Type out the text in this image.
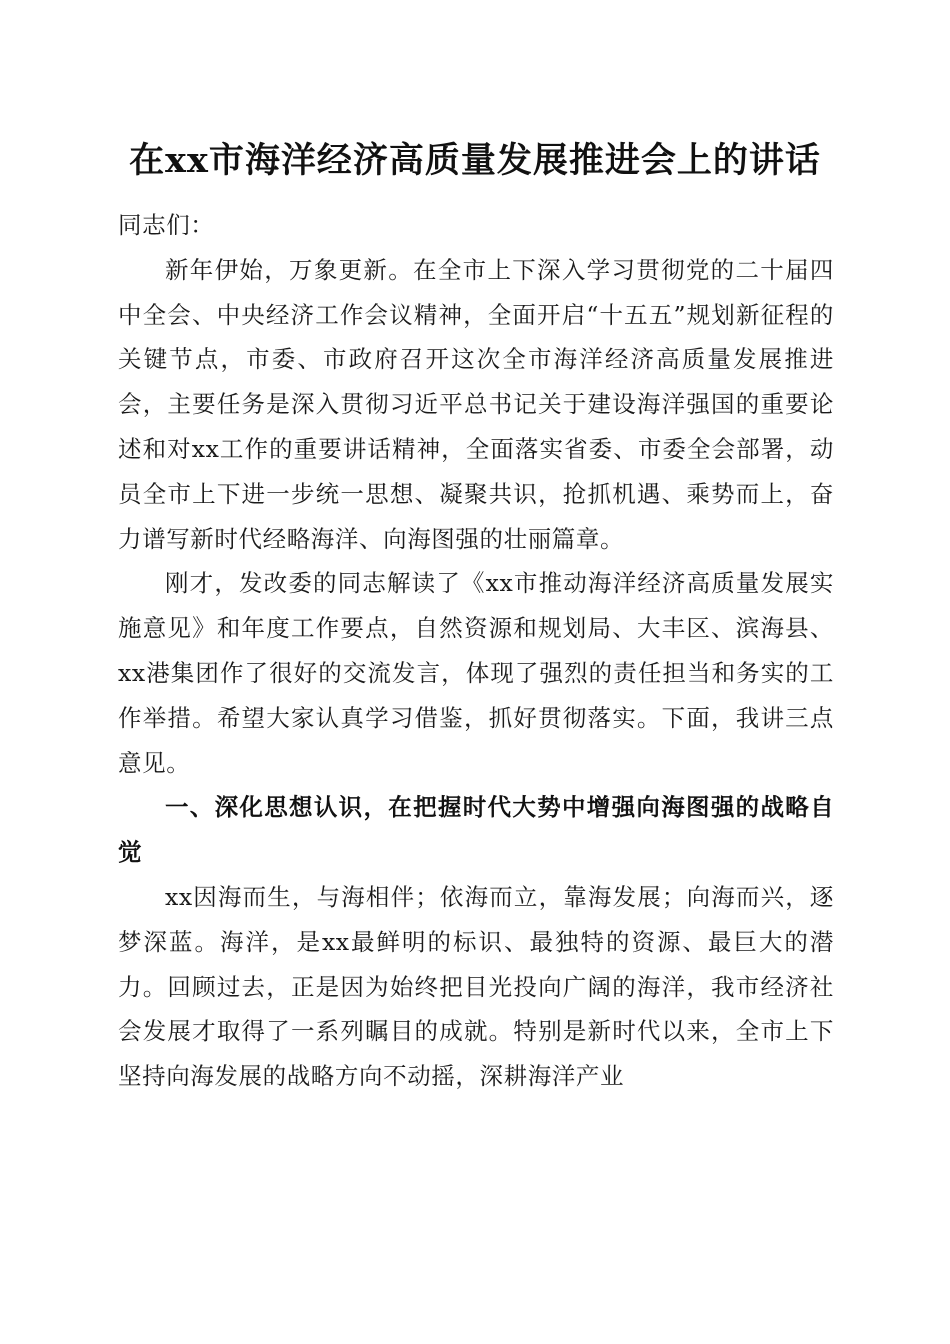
在xx市海洋经济高质量发展推进会上的讲话

同志们：

新年伊始，万象更新。在全市上下深入学习贯彻党的二十届四中全会、中央经济工作会议精神，全面开启“十五五”规划新征程的关键节点，市委、市政府召开这次全市海洋经济高质量发展推进会，主要任务是深入贯彻习近平总书记关于建设海洋强国的重要论述和对xx工作的重要讲话精神，全面落实省委、市委全会部署，动员全市上下进一步统一思想、凝聚共识，抢抓机遇、乘势而上，奋力谱写新时代经略海洋、向海图强的壮丽篇章。

刚才，发改委的同志解读了《xx市推动海洋经济高质量发展实施意见》和年度工作要点，自然资源和规划局、大丰区、滨海县、xx港集团作了很好的交流发言，体现了强烈的责任担当和务实的工作举措。希望大家认真学习借鉴，抓好贯彻落实。下面，我讲三点意见。

一、深化思想认识，在把握时代大势中增强向海图强的战略自觉

xx因海而生，与海相伴；依海而立，靠海发展；向海而兴，逐梦深蓝。海洋，是xx最鲜明的标识、最独特的资源、最巨大的潜力。回顾过去，正是因为始终把目光投向广阔的海洋，我市经济社会发展才取得了一系列瞩目的成就。特别是新时代以来，全市上下坚持向海发展的战略方向不动摇，深耕海洋产业
